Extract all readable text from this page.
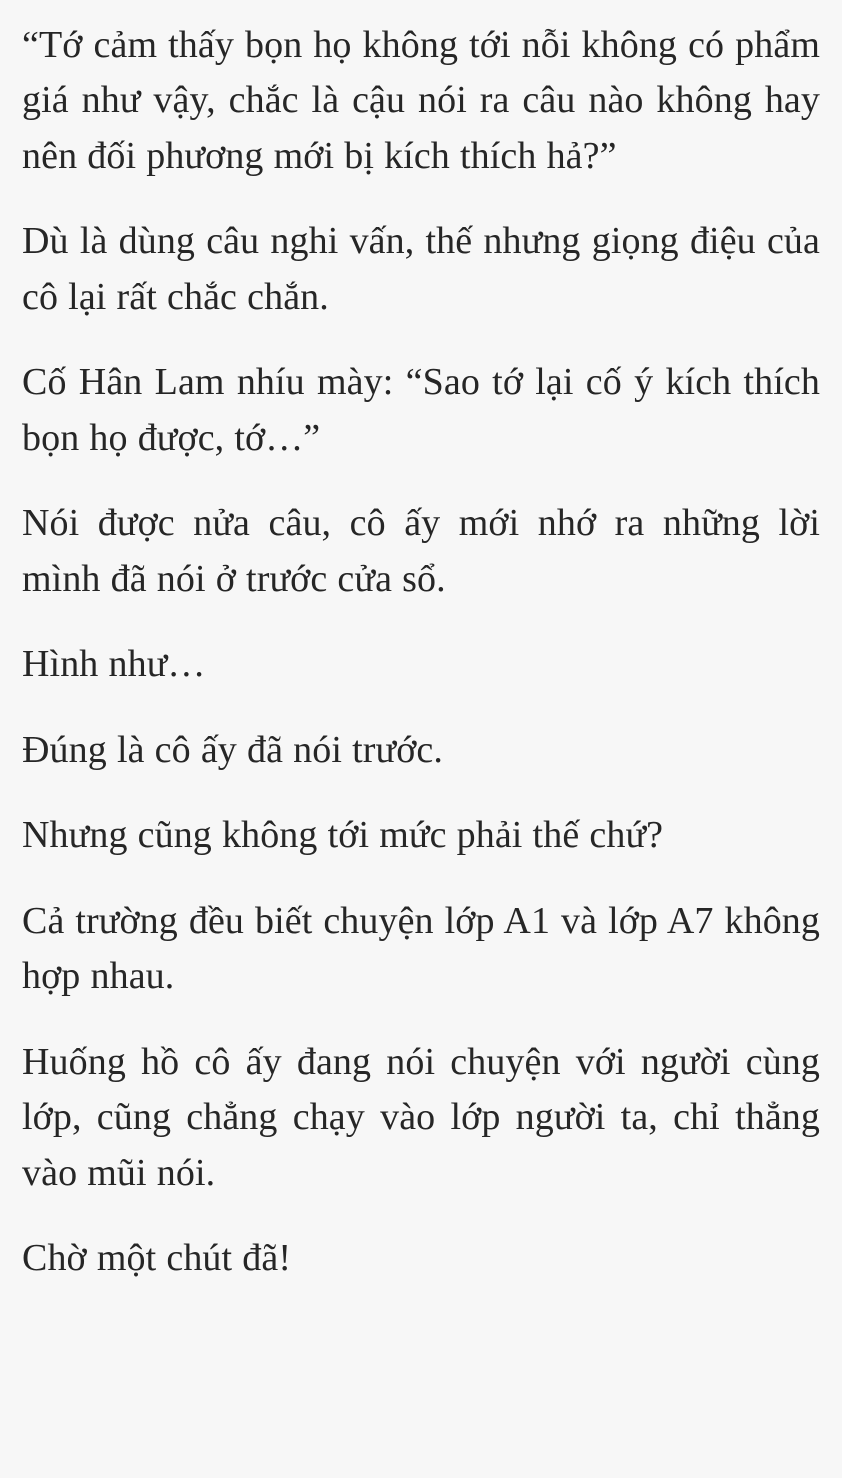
“Tớ cảm thấy bọn họ không tới nỗi không có phẩm giá như vậy, chắc là cậu nói ra câu nào không hay nên đối phương mới bị kích thích hả?”

Dù là dùng câu nghi vấn, thế nhưng giọng điệu của cô lại rất chắc chắn.

Cố Hân Lam nhíu mày: “Sao tớ lại cố ý kích thích bọn họ được, tớ…”

Nói được nửa câu, cô ấy mới nhớ ra những lời mình đã nói ở trước cửa sổ.

Hình như…

Đúng là cô ấy đã nói trước.

Nhưng cũng không tới mức phải thế chứ?

Cả trường đều biết chuyện lớp A1 và lớp A7 không hợp nhau.

Huống hồ cô ấy đang nói chuyện với người cùng lớp, cũng chẳng chạy vào lớp người ta, chỉ thẳng vào mũi nói.

Chờ một chút đã!
